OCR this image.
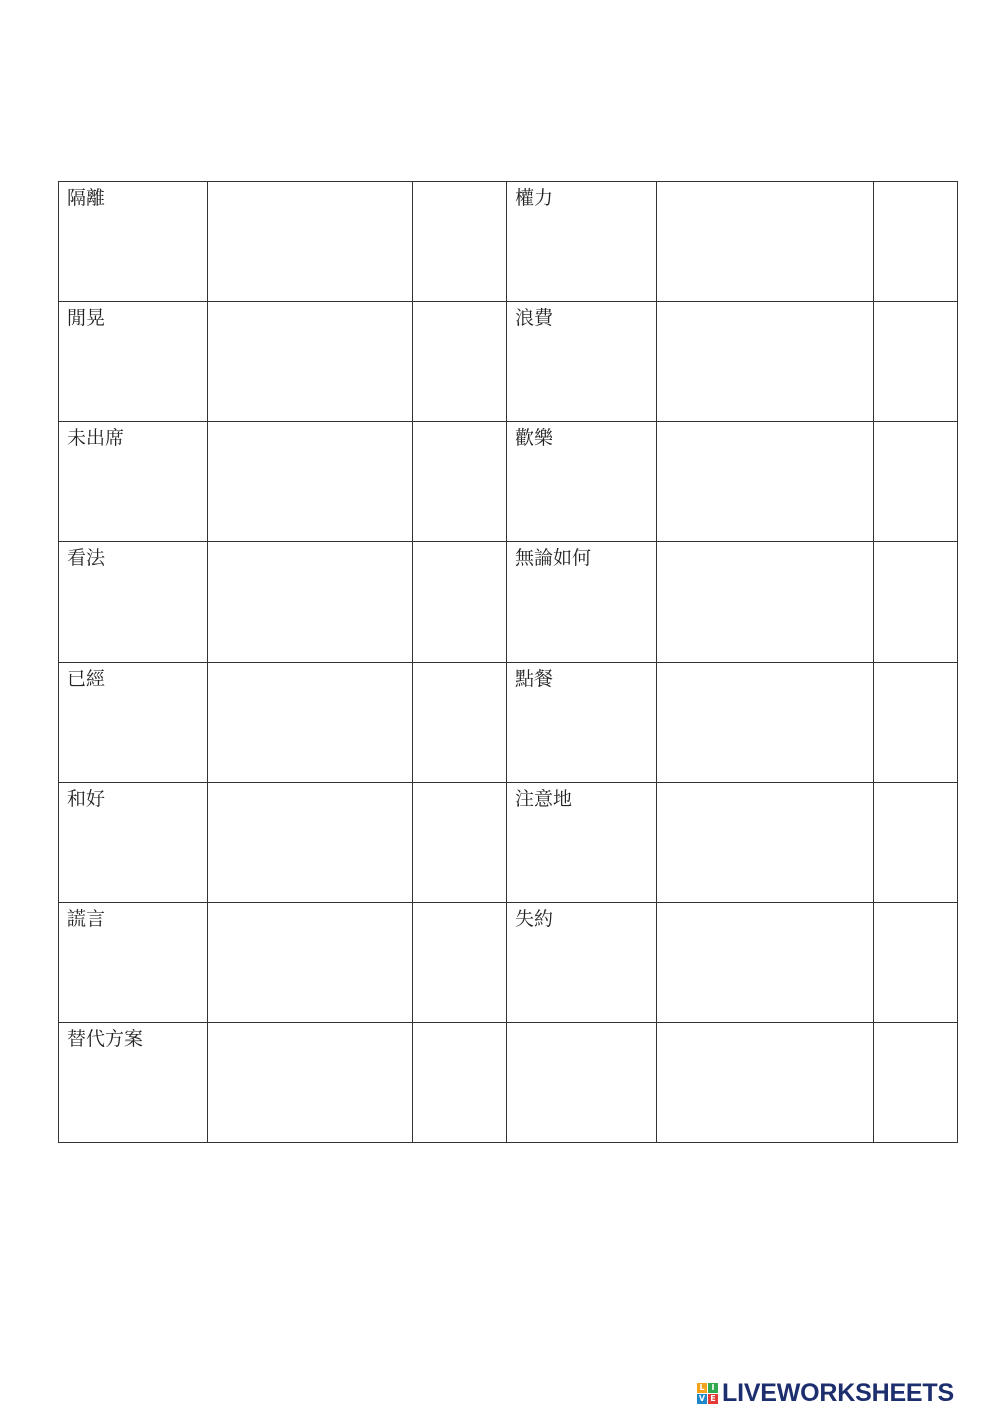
隔離			權力		
閒晃			浪費		
未出席			歡樂		
看法			無論如何		
已經			點餐		
和好			注意地		
謊言			失約		
替代方案					
L I
V E LIVEWORKSHEETS
